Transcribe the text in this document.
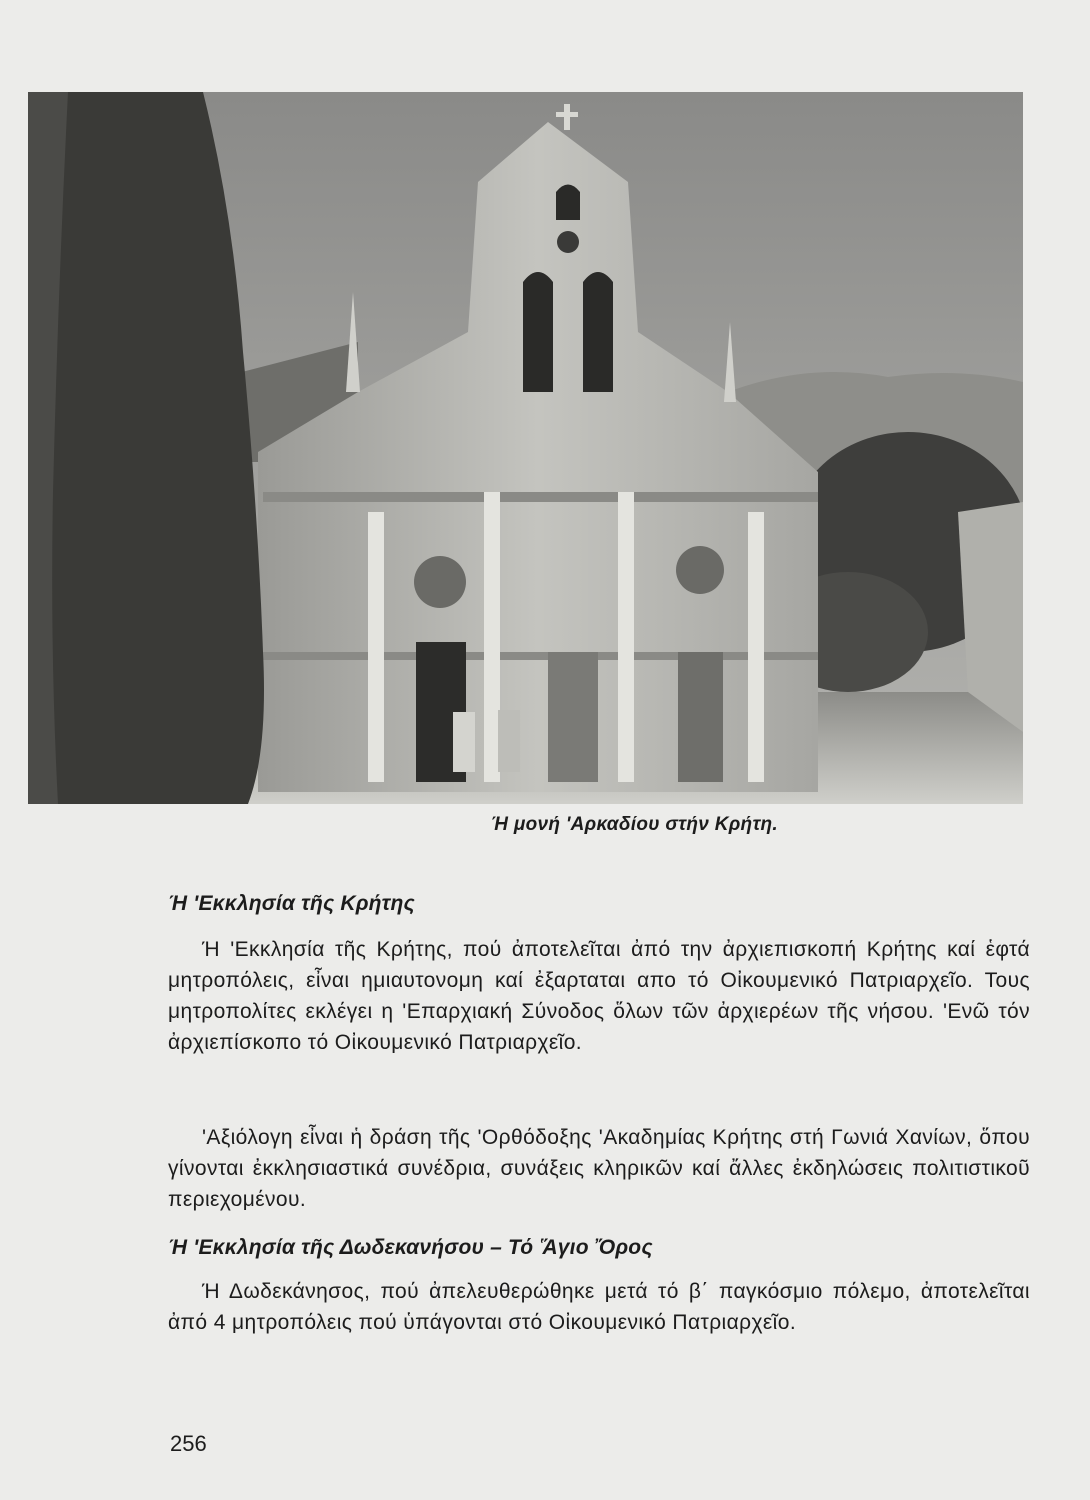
Ή μονή 'Αρκαδίου στήν Κρήτη.
Ή 'Εκκλησία τῆς Κρήτης

Ή 'Εκκλησία τῆς Κρήτης, πού ἀποτελεῖται ἀπό την ἀρχιεπισκοπή Κρήτης καί ἑφτά μητροπόλεις, εἶναι ημιαυτονομη καί ἐξαρταται απο τό Οἰκουμενικό Πατριαρχεῖο. Τους μητροπολίτες εκλέγει η 'Επαρχιακή Σύνοδος ὅλων τῶν ἀρχιερέων τῆς νήσου. 'Ενῶ τόν ἀρχιεπίσκοπο τό Οἰκουμενικό Πατριαρχεῖο.

'Αξιόλογη εἶναι ἡ δράση τῆς 'Ορθόδοξης 'Ακαδημίας Κρήτης στή Γωνιά Χανίων, ὅπου γίνονται ἐκκλησιαστικά συνέδρια, συνάξεις κληρικῶν καί ἄλλες ἐκδηλώσεις πολιτιστικοῦ περιεχομένου.

Ή 'Εκκλησία τῆς Δωδεκανήσου – Τό Ἅγιο Ὄρος

Ή Δωδεκάνησος, πού ἀπελευθερώθηκε μετά τό β΄ παγκόσμιο πόλεμο, ἀποτελεῖται ἀπό 4 μητροπόλεις πού ὑπάγονται στό Οἰκουμενικό Πατριαρχεῖο.

256
